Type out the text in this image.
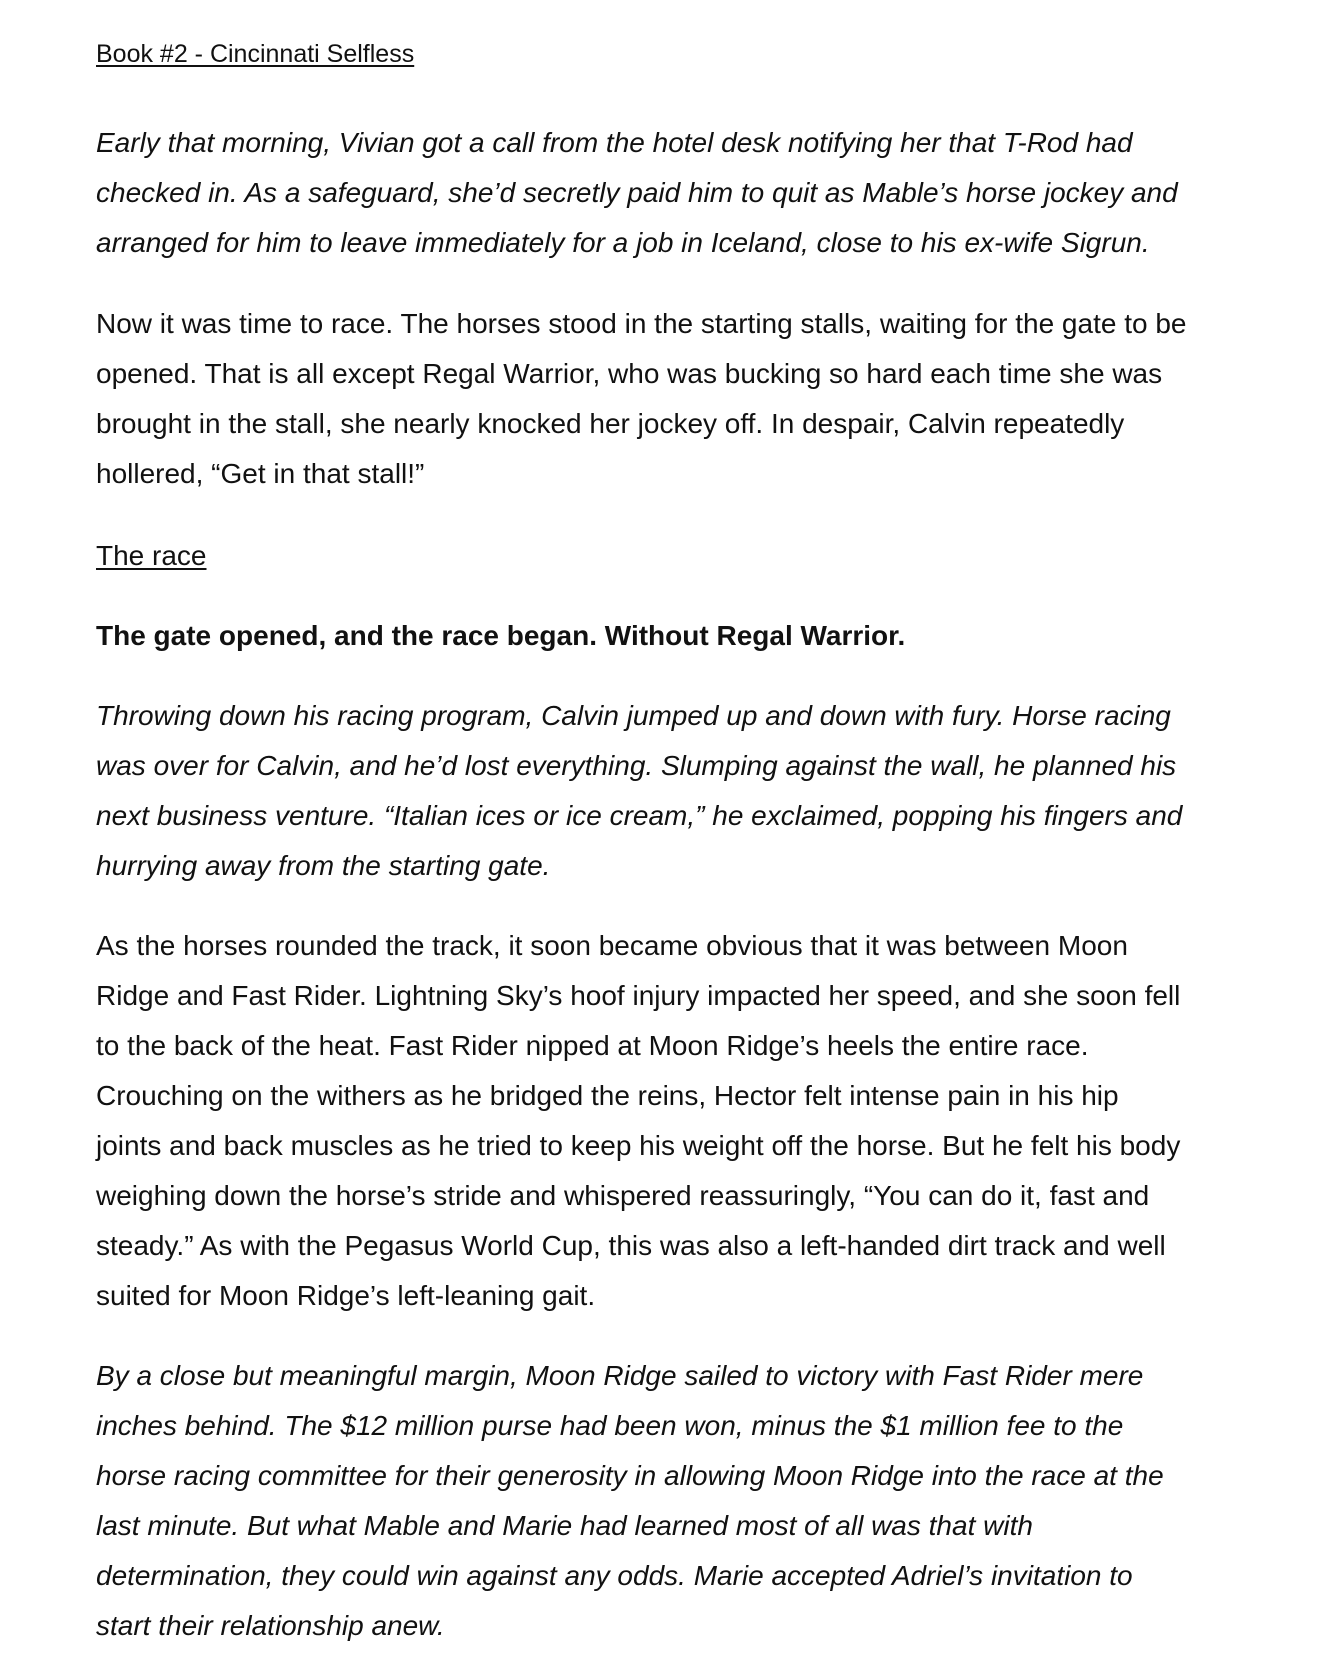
Book #2 - Cincinnati Selfless

Early that morning, Vivian got a call from the hotel desk notifying her that T-Rod had

checked in. As a safeguard, she’d secretly paid him to quit as Mable’s horse jockey and

arranged for him to leave immediately for a job in Iceland, close to his ex-wife Sigrun.

Now it was time to race. The horses stood in the starting stalls, waiting for the gate to be

opened. That is all except Regal Warrior, who was bucking so hard each time she was

brought in the stall, she nearly knocked her jockey off. In despair, Calvin repeatedly

hollered, “Get in that stall!”

The race

The gate opened, and the race began. Without Regal Warrior.

Throwing down his racing program, Calvin jumped up and down with fury. Horse racing

was over for Calvin, and he’d lost everything. Slumping against the wall, he planned his

next business venture. “Italian ices or ice cream,” he exclaimed, popping his fingers and

hurrying away from the starting gate.

As the horses rounded the track, it soon became obvious that it was between Moon

Ridge and Fast Rider. Lightning Sky’s hoof injury impacted her speed, and she soon fell

to the back of the heat. Fast Rider nipped at Moon Ridge’s heels the entire race.

Crouching on the withers as he bridged the reins, Hector felt intense pain in his hip

joints and back muscles as he tried to keep his weight off the horse. But he felt his body

weighing down the horse’s stride and whispered reassuringly, “You can do it, fast and

steady.” As with the Pegasus World Cup, this was also a left-handed dirt track and well

suited for Moon Ridge’s left-leaning gait.

By a close but meaningful margin, Moon Ridge sailed to victory with Fast Rider mere

inches behind. The $12 million purse had been won, minus the $1 million fee to the

horse racing committee for their generosity in allowing Moon Ridge into the race at the

last minute. But what Mable and Marie had learned most of all was that with

determination, they could win against any odds. Marie accepted Adriel’s invitation to

start their relationship anew.
